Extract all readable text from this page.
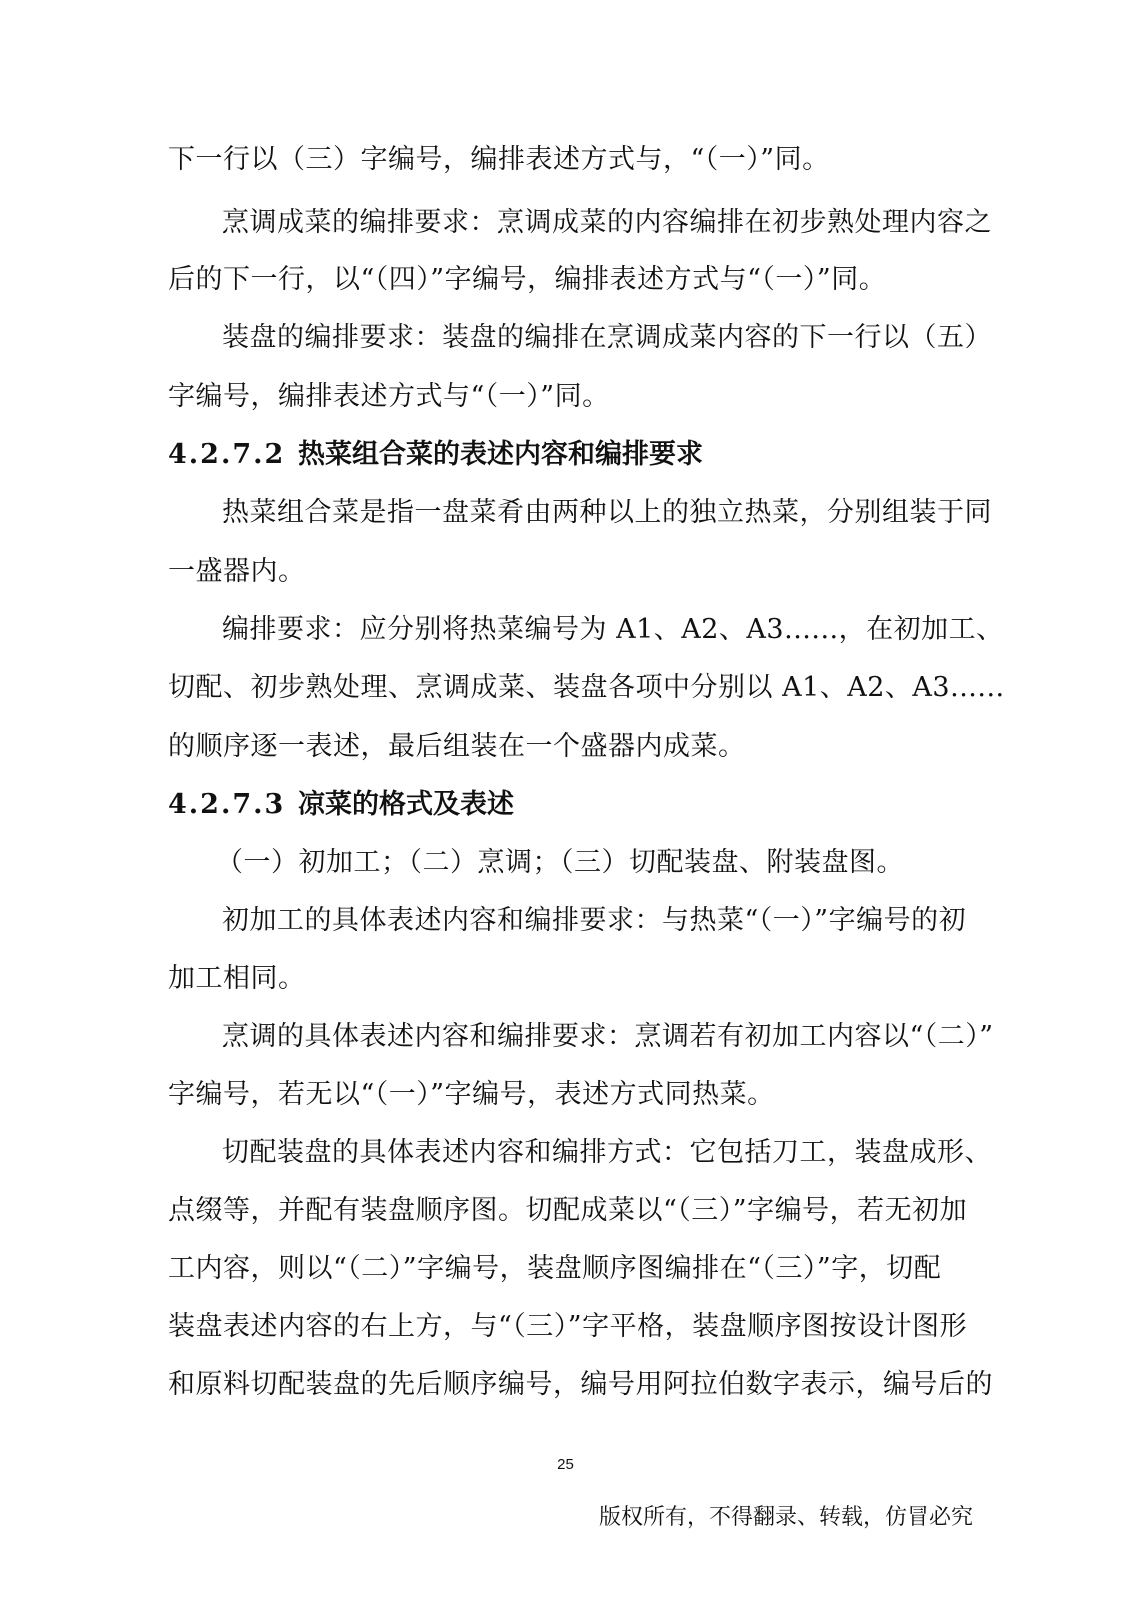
下一行以（三）字编号，编排表述方式与，“（一）”同。
烹调成菜的编排要求：烹调成菜的内容编排在初步熟处理内容之
后的下一行，以“（四）”字编号，编排表述方式与“（一）”同。
装盘的编排要求：装盘的编排在烹调成菜内容的下一行以（五）
字编号，编排表述方式与“（一）”同。
4.2.7.2 热菜组合菜的表述内容和编排要求
热菜组合菜是指一盘菜肴由两种以上的独立热菜，分别组装于同
一盛器内。
编排要求：应分别将热菜编号为 A1、A2、A3......，在初加工、
切配、初步熟处理、烹调成菜、装盘各项中分别以 A1、A2、A3......
的顺序逐一表述，最后组装在一个盛器内成菜。
4.2.7.3 凉菜的格式及表述
（一）初加工；（二）烹调；（三）切配装盘、附装盘图。
初加工的具体表述内容和编排要求：与热菜“（一）”字编号的初
加工相同。
烹调的具体表述内容和编排要求：烹调若有初加工内容以“（二）”
字编号，若无以“（一）”字编号，表述方式同热菜。
切配装盘的具体表述内容和编排方式：它包括刀工，装盘成形、
点缀等，并配有装盘顺序图。切配成菜以“（三）”字编号，若无初加
工内容，则以“（二）”字编号，装盘顺序图编排在“（三）”字，切配
装盘表述内容的右上方，与“（三）”字平格，装盘顺序图按设计图形
和原料切配装盘的先后顺序编号，编号用阿拉伯数字表示，编号后的
25
版权所有，不得翻录、转载，仿冒必究
